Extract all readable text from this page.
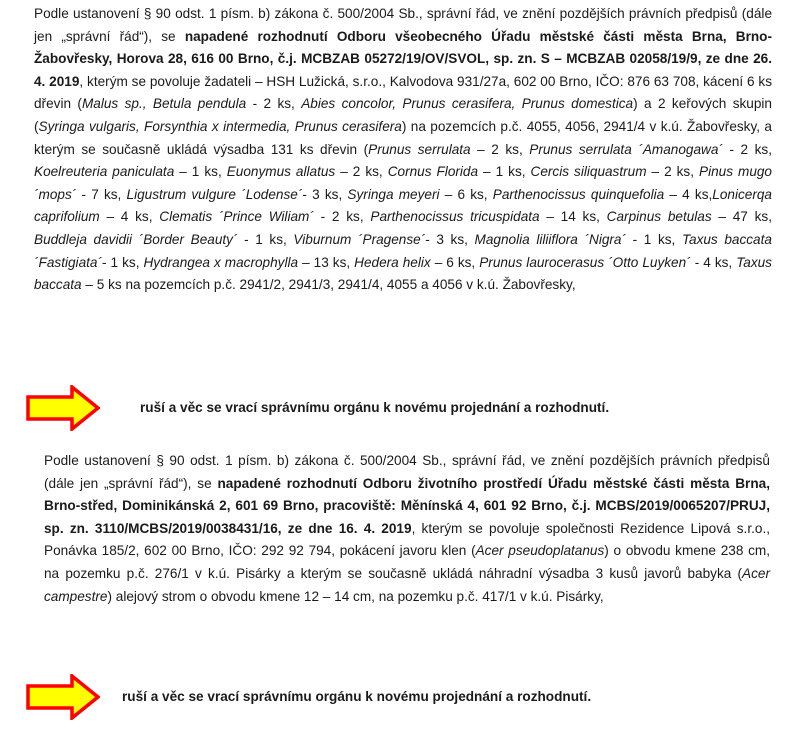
Podle ustanovení § 90 odst. 1 písm. b) zákona č. 500/2004 Sb., správní řád, ve znění pozdějších právních předpisů (dále jen „správní řád“), se napadené rozhodnutí Odboru všeobecného Úřadu městské části města Brna, Brno-Žabovřesky, Horova 28, 616 00 Brno, č.j. MCBZAB 05272/19/OV/SVOL, sp. zn. S – MCBZAB 02058/19/9, ze dne 26. 4. 2019, kterým se povoluje žadateli – HSH Lužická, s.r.o., Kalvodova 931/27a, 602 00 Brno, IČO: 876 63 708, kácení 6 ks dřevin (Malus sp., Betula pendula - 2 ks, Abies concolor, Prunus cerasifera, Prunus domestica) a 2 keřových skupin (Syringa vulgaris, Forsynthia x intermedia, Prunus cerasifera) na pozemcích p.č. 4055, 4056, 2941/4 v k.ú. Žabovřesky, a kterým se současně ukládá výsadba 131 ks dřevin (Prunus serrulata – 2 ks, Prunus serrulata ´Amanogawa´ - 2 ks, Koelreuteria paniculata – 1 ks, Euonymus allatus – 2 ks, Cornus Florida – 1 ks, Cercis siliquastrum – 2 ks, Pinus mugo ´mops´ - 7 ks, Ligustrum vulgure ´Lodense´- 3 ks, Syringa meyeri – 6 ks, Parthenocissus quinquefolia – 4 ks,Lonicerqa caprifolium – 4 ks, Clematis ´Prince Wiliam´ - 2 ks, Parthenocissus tricuspidata – 14 ks, Carpinus betulas – 47 ks, Buddleja davidii ´Border Beauty´ - 1 ks, Viburnum ´Pragense´- 3 ks, Magnolia liliiflora ´Nigra´ - 1 ks, Taxus baccata ´Fastigiata´- 1 ks, Hydrangea x macrophylla – 13 ks, Hedera helix – 6 ks, Prunus laurocerasus ´Otto Luyken´ - 4 ks, Taxus baccata – 5 ks na pozemcích p.č. 2941/2, 2941/3, 2941/4, 4055 a 4056 v k.ú. Žabovřesky,

ruší a věc se vrací správnímu orgánu k novému projednání a rozhodnutí.

Podle ustanovení § 90 odst. 1 písm. b) zákona č. 500/2004 Sb., správní řád, ve znění pozdějších právních předpisů (dále jen „správní řád“), se napadené rozhodnutí Odboru životního prostředí Úřadu městské části města Brna, Brno-střed, Dominikánská 2, 601 69 Brno, pracoviště: Měnínská 4, 601 92 Brno, č.j. MCBS/2019/0065207/PRUJ, sp. zn. 3110/MCBS/2019/0038431/16, ze dne 16. 4. 2019, kterým se povoluje společnosti Rezidence Lipová s.r.o., Ponávka 185/2, 602 00 Brno, IČO: 292 92 794, pokácení javoru klen (Acer pseudoplatanus) o obvodu kmene 238 cm, na pozemku p.č. 276/1 v k.ú. Pisárky a kterým se současně ukládá náhradní výsadba 3 kusů javorů babyka (Acer campestre) alejový strom o obvodu kmene 12 – 14 cm, na pozemku p.č. 417/1 v k.ú. Pisárky,

ruší a věc se vrací správnímu orgánu k novému projednání a rozhodnutí.
